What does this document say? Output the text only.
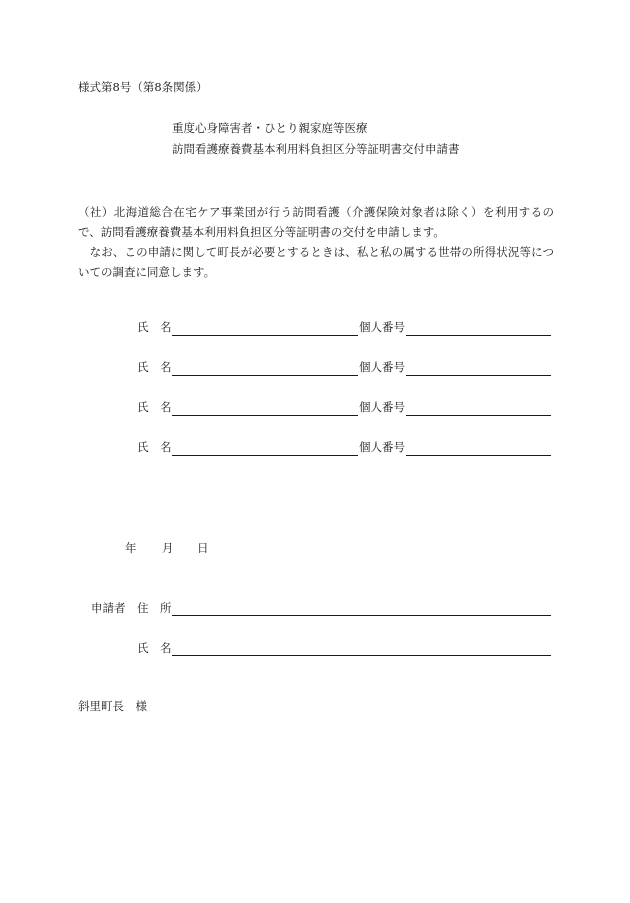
様式第8号（第8条関係）
重度心身障害者・ひとり親家庭等医療
訪問看護療養費基本利用料負担区分等証明書交付申請書
（社）北海道総合在宅ケア事業団が行う訪問看護（介護保険対象者は除く）を利用するので、訪問看護療養費基本利用料負担区分等証明書の交付を申請します。
　なお、この申請に関して町長が必要とするときは、私と私の属する世帯の所得状況等についての調査に同意します。
氏　名	個人番号
氏　名	個人番号
氏　名	個人番号
氏　名	個人番号
年 月 日
申請者 住　所
氏　名
斜里町長　様
